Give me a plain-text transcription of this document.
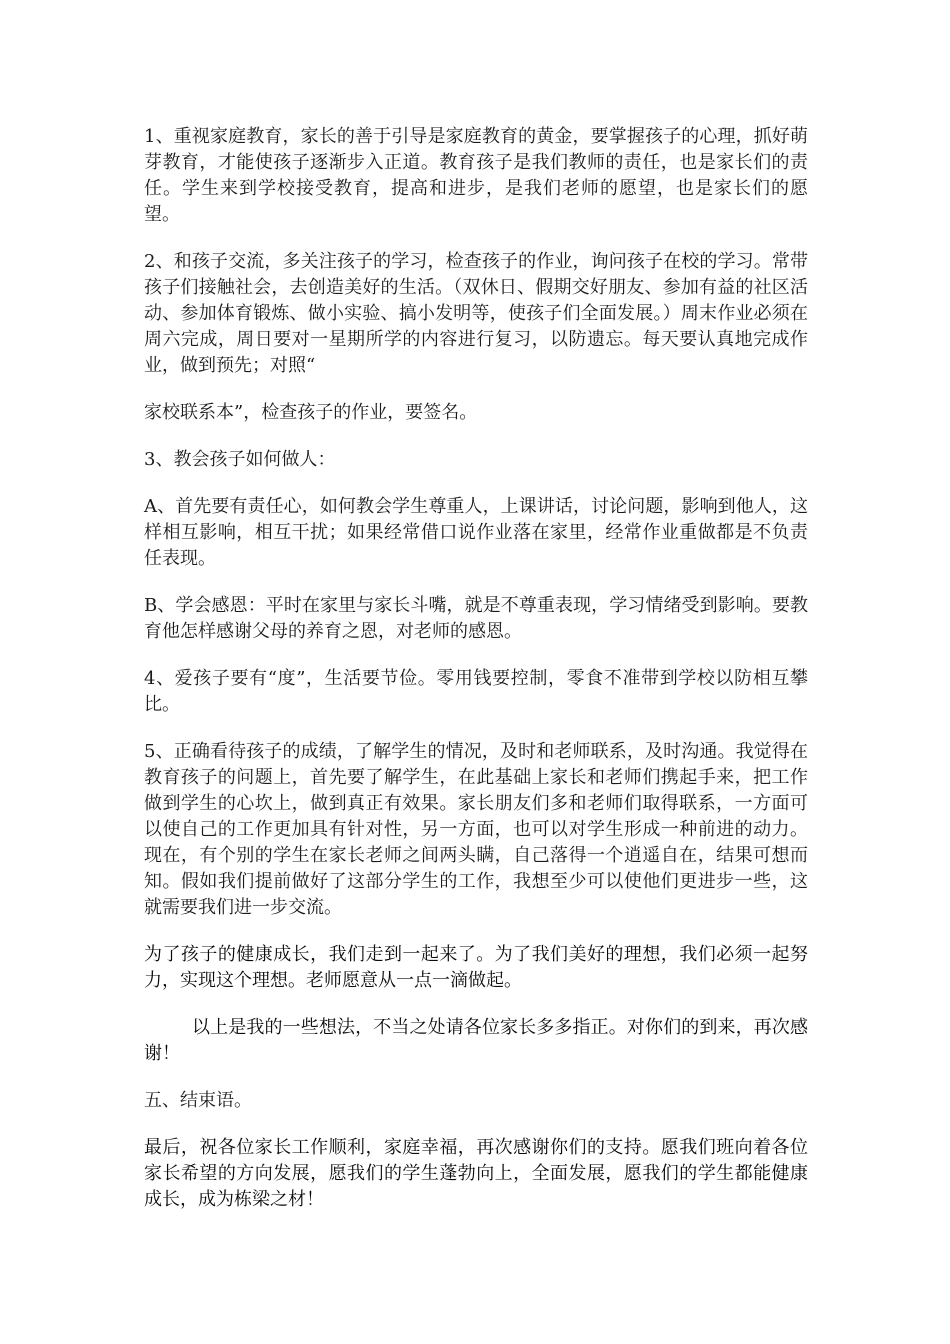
1、重视家庭教育，家长的善于引导是家庭教育的黄金，要掌握孩子的心理，抓好萌芽教育，才能使孩子逐渐步入正道。教育孩子是我们教师的责任，也是家长们的责任。学生来到学校接受教育，提高和进步，是我们老师的愿望，也是家长们的愿望。

2、和孩子交流，多关注孩子的学习，检查孩子的作业，询问孩子在校的学习。常带孩子们接触社会，去创造美好的生活。（双休日、假期交好朋友、参加有益的社区活动、参加体育锻炼、做小实验、搞小发明等，使孩子们全面发展。）周末作业必须在周六完成，周日要对一星期所学的内容进行复习，以防遗忘。每天要认真地完成作业，做到预先；对照“

家校联系本”，检查孩子的作业，要签名。

3、教会孩子如何做人：

A、首先要有责任心，如何教会学生尊重人，上课讲话，讨论问题，影响到他人，这样相互影响，相互干扰；如果经常借口说作业落在家里，经常作业重做都是不负责任表现。

B、学会感恩：平时在家里与家长斗嘴，就是不尊重表现，学习情绪受到影响。要教育他怎样感谢父母的养育之恩，对老师的感恩。

4、爱孩子要有“度”，生活要节俭。零用钱要控制，零食不准带到学校以防相互攀比。

5、正确看待孩子的成绩，了解学生的情况，及时和老师联系，及时沟通。我觉得在教育孩子的问题上，首先要了解学生，在此基础上家长和老师们携起手来，把工作做到学生的心坎上，做到真正有效果。家长朋友们多和老师们取得联系，一方面可以使自己的工作更加具有针对性，另一方面，也可以对学生形成一种前进的动力。现在，有个别的学生在家长老师之间两头瞒，自己落得一个逍遥自在，结果可想而知。假如我们提前做好了这部分学生的工作，我想至少可以使他们更进步一些，这就需要我们进一步交流。

为了孩子的健康成长，我们走到一起来了。为了我们美好的理想，我们必须一起努力，实现这个理想。老师愿意从一点一滴做起。

以上是我的一些想法，不当之处请各位家长多多指正。对你们的到来，再次感谢！

五、结束语。

最后，祝各位家长工作顺利，家庭幸福，再次感谢你们的支持。愿我们班向着各位家长希望的方向发展，愿我们的学生蓬勃向上，全面发展，愿我们的学生都能健康成长，成为栋梁之材！
